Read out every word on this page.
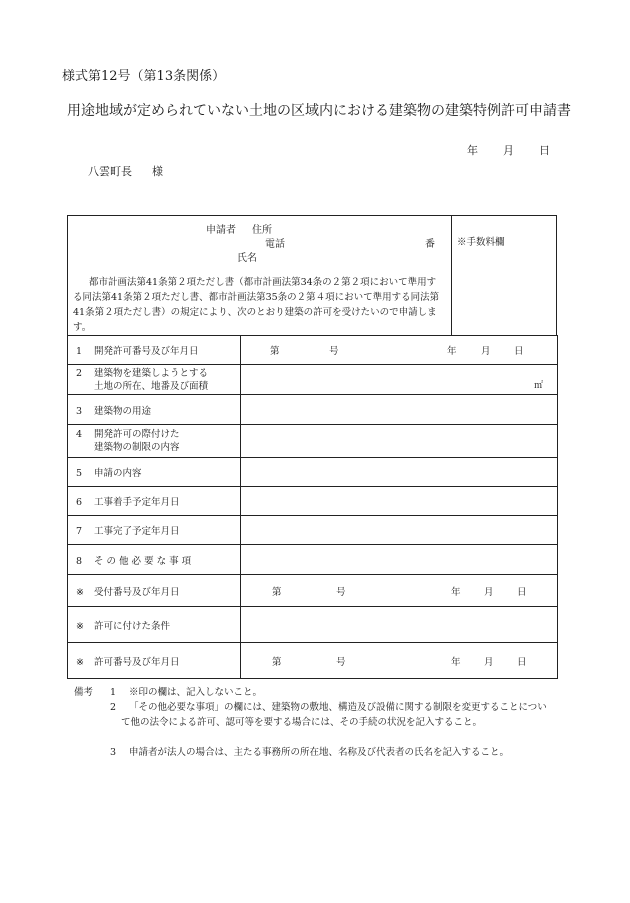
様式第12号（第13条関係）
用途地域が定められていない土地の区域内における建築物の建築特例許可申請書
年 月 日
八雲町長 様
申請者 住所
電話	番
氏名

都市計画法第41条第２項ただし書（都市計画法第34条の２第２項において準用する同法第41条第２項ただし書、都市計画法第35条の２第４項において準用する同法第41条第２項ただし書）の規定により、次のとおり建築の許可を受けたいので申請します。

※手数料欄
1 開発許可番号及び年月日	第 号 年 月 日

2 建築物を建築しようとする
土地の所在、地番及び面積	㎡

3 建築物の用途	
4 開発許可の際付けた
建築物の制限の内容	
5 申請の内容	
6 工事着手予定年月日	
7 工事完了予定年月日	
8 そ の 他 必 要 な 事 項	
※ 受付番号及び年月日	第 号 年 月 日

※ 許可に付けた条件	
※ 許可番号及び年月日	第 号 年 月 日
備考 1 ※印の欄は、記入しないこと。
2	「その他必要な事項」の欄には、建築物の敷地、構造及び設備に関する制限を変更することについて他の法令による許可、認可等を要する場合には、その手続の状況を記入すること。
3	申請者が法人の場合は、主たる事務所の所在地、名称及び代表者の氏名を記入すること。
